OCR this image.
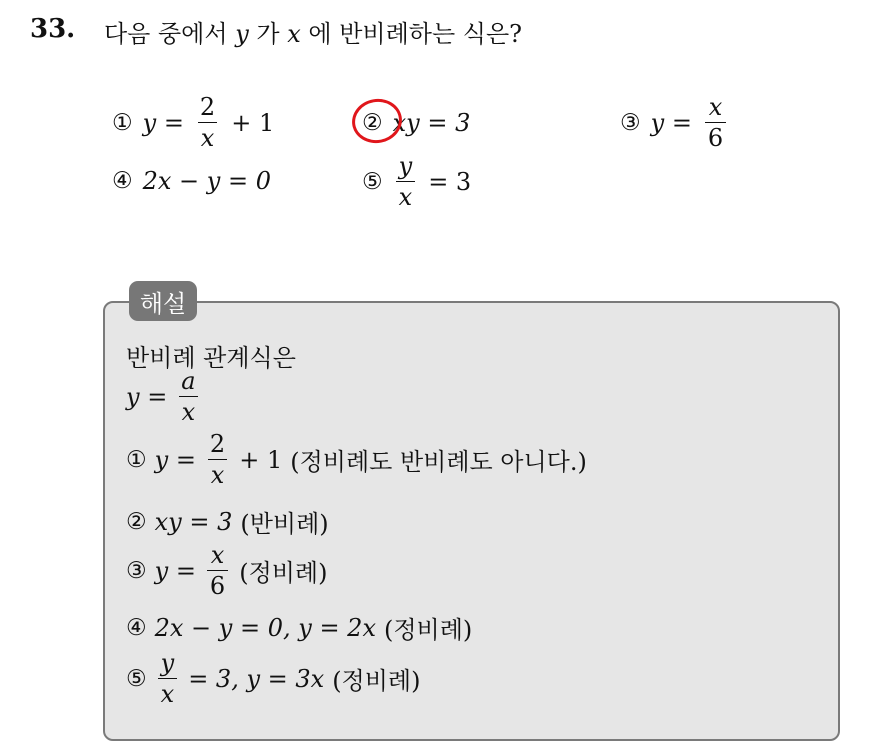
33. 다음 중에서 y 가 x 에 반비례하는 식은?
① $y = \frac{2}{x} + 1$	② xy = 3	③ $y = \frac{x}{6}$
④ 2x − y = 0	⑤ $\frac{y}{x} = 3$
해설
반비례 관계식은
$y = \frac{a}{x}$
① $y = \frac{2}{x} + 1$ (정비례도 반비례도 아니다.)
② xy = 3 (반비례)
③ $y = \frac{x}{6}$ (정비례)
④ 2x − y = 0, y = 2x (정비례)
⑤ $\frac{y}{x} = 3$, y = 3x (정비례)
